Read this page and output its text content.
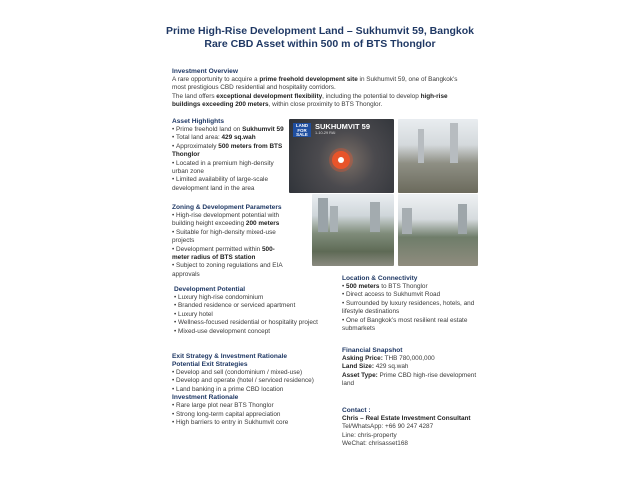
Prime High-Rise Development Land – Sukhumvit 59, Bangkok
Rare CBD Asset within 500 m of BTS Thonglor
Investment Overview
A rare opportunity to acquire a prime freehold development site in Sukhumvit 59, one of Bangkok’s most prestigious CBD residential and hospitality corridors.
The land offers exceptional development flexibility, including the potential to develop high-rise buildings exceeding 200 meters, within close proximity to BTS Thonglor.
Asset Highlights
• Prime freehold land on Sukhumvit 59
• Total land area: 429 sq.wah
• Approximately 500 meters from BTS Thonglor
• Located in a premium high-density urban zone
• Limited availability of large-scale development land in the area
Zoning & Development Parameters
• High-rise development potential with building height exceeding 200 meters
• Suitable for high-density mixed-use projects
• Development permitted within 500-meter radius of BTS station
• Subject to zoning regulations and EIA approvals
LAND
FOR
SALE
SUKHUMVIT 59
1-10-29 RAI
Development Potential
• Luxury high-rise condominium
• Branded residence or serviced apartment
• Luxury hotel
• Wellness-focused residential or hospitality project
• Mixed-use development concept
Exit Strategy & Investment Rationale
Potential Exit Strategies
• Develop and sell (condominium / mixed-use)
• Develop and operate (hotel / serviced residence)
• Land banking in a prime CBD location
Investment Rationale
• Rare large plot near BTS Thonglor
• Strong long-term capital appreciation
• High barriers to entry in Sukhumvit core
Location & Connectivity
• 500 meters to BTS Thonglor
• Direct access to Sukhumvit Road
• Surrounded by luxury residences, hotels, and lifestyle destinations
• One of Bangkok’s most resilient real estate submarkets
Financial Snapshot
Asking Price: THB 780,000,000
Land Size: 429 sq.wah
Asset Type: Prime CBD high-rise development land
Contact :
Chris – Real Estate Investment Consultant
Tel/WhatsApp: +66 90 247 4287
Line: chris-property
WeChat: chrisasset168
